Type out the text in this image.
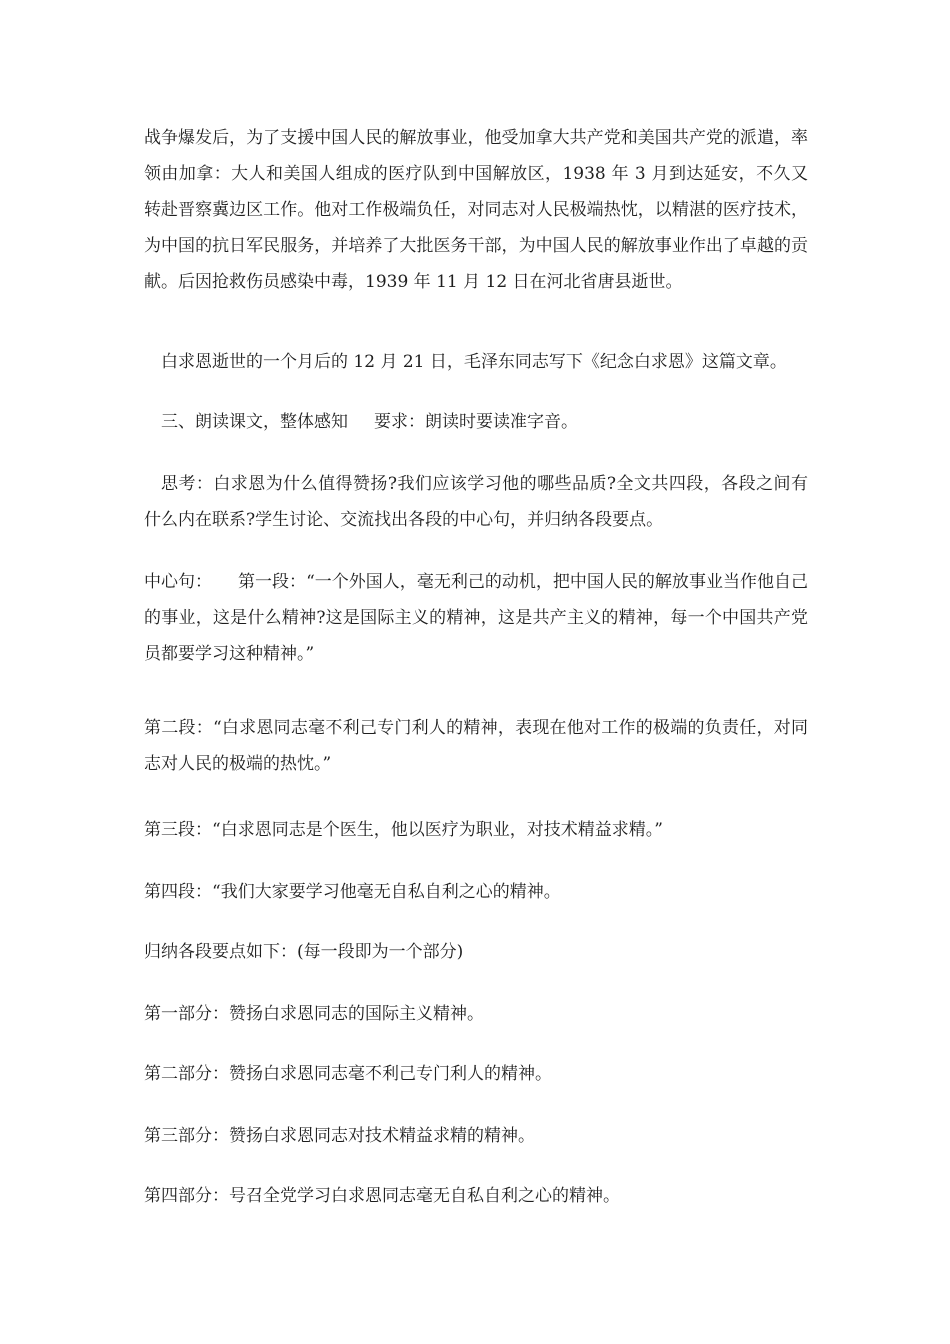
战争爆发后，为了支援中国人民的解放事业，他受加拿大共产党和美国共产党的派遣，率领由加拿：大人和美国人组成的医疗队到中国解放区，1938 年 3 月到达延安，不久又转赴晋察冀边区工作。他对工作极端负任，对同志对人民极端热忱，以精湛的医疗技术，为中国的抗日军民服务，并培养了大批医务干部，为中国人民的解放事业作出了卓越的贡献。后因抢救伤员感染中毒，1939 年 11 月 12 日在河北省唐县逝世。

白求恩逝世的一个月后的 12 月 21 日，毛泽东同志写下《纪念白求恩》这篇文章。

三、朗读课文，整体感知 要求：朗读时要读准字音。

思考：白求恩为什么值得赞扬?我们应该学习他的哪些品质?全文共四段，各段之间有什么内在联系?学生讨论、交流找出各段的中心句，并归纳各段要点。

中心句： 第一段：“一个外国人，毫无利己的动机，把中国人民的解放事业当作他自己的事业，这是什么精神?这是国际主义的精神，这是共产主义的精神，每一个中国共产党员都要学习这种精神。”

第二段：“白求恩同志毫不利己专门利人的精神，表现在他对工作的极端的负责任，对同志对人民的极端的热忱。”

第三段：“白求恩同志是个医生，他以医疗为职业，对技术精益求精。”

第四段：“我们大家要学习他毫无自私自利之心的精神。

归纳各段要点如下：(每一段即为一个部分)

第一部分：赞扬白求恩同志的国际主义精神。

第二部分：赞扬白求恩同志毫不利己专门利人的精神。

第三部分：赞扬白求恩同志对技术精益求精的精神。

第四部分：号召全党学习白求恩同志毫无自私自利之心的精神。
